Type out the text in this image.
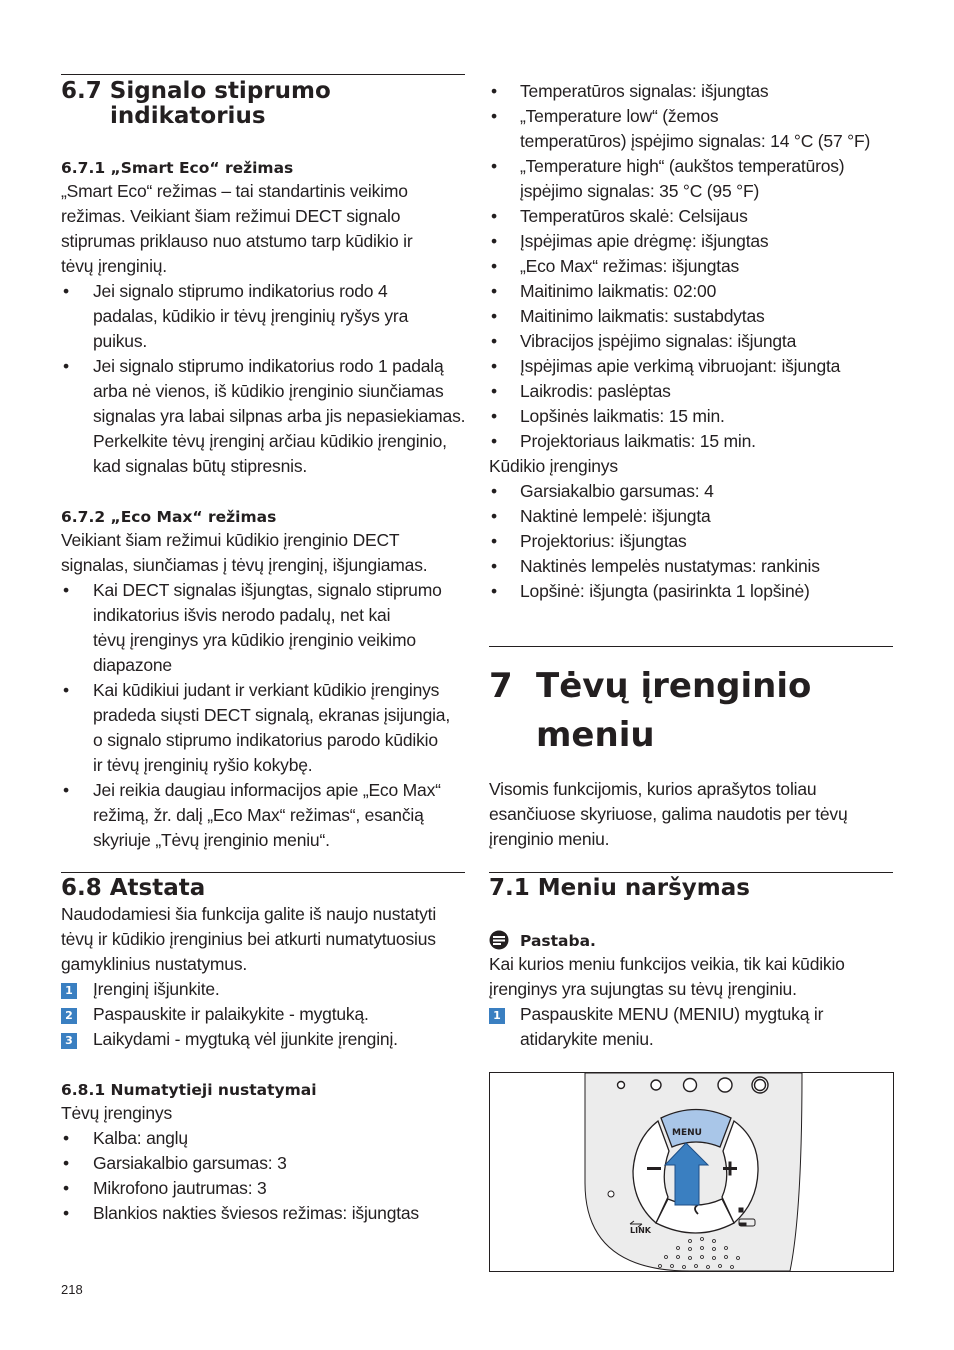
6.7 Signalo stiprumo
indikatorius
6.7.1 „Smart Eco“ režimas
6.7.2 „Eco Max“ režimas
6.8 Atstata
6.8.1 Numatytieji nustatymai
7 Tėvų įrenginio
meniu
7.1 Meniu naršymas
Pastaba.
„Smart Eco“ režimas – tai standartinis veikimo
režimas. Veikiant šiam režimui DECT signalo
stiprumas priklauso nuo atstumo tarp kūdikio ir
tėvų įrenginių.
• Jei signalo stiprumo indikatorius rodo 4
padalas, kūdikio ir tėvų įrenginių ryšys yra
puikus.
• Jei signalo stiprumo indikatorius rodo 1 padalą
arba nė vienos, iš kūdikio įrenginio siunčiamas
signalas yra labai silpnas arba jis nepasiekiamas.
Perkelkite tėvų įrenginį arčiau kūdikio įrenginio,
kad signalas būtų stipresnis.
Veikiant šiam režimui kūdikio įrenginio DECT
signalas, siunčiamas į tėvų įrenginį, išjungiamas.
• Kai DECT signalas išjungtas, signalo stiprumo
indikatorius išvis nerodo padalų, net kai
tėvų įrenginys yra kūdikio įrenginio veikimo
diapazone
• Kai kūdikiui judant ir verkiant kūdikio įrenginys
pradeda siųsti DECT signalą, ekranas įsijungia,
o signalo stiprumo indikatorius parodo kūdikio
ir tėvų įrenginių ryšio kokybę.
• Jei reikia daugiau informacijos apie „Eco Max“
režimą, žr. dalį „Eco Max“ režimas“, esančią
skyriuje „Tėvų įrenginio meniu“.
Naudodamiesi šia funkcija galite iš naujo nustatyti
tėvų ir kūdikio įrenginius bei atkurti numatytuosius
gamyklinius nustatymus.
1 Įrenginį išjunkite.
2 Paspauskite ir palaikykite - mygtuką.
3 Laikydami - mygtuką vėl įjunkite įrenginį.
Tėvų įrenginys
• Kalba: anglų
• Garsiakalbio garsumas: 3
• Mikrofono jautrumas: 3
• Blankios nakties šviesos režimas: išjungtas
• Temperatūros signalas: išjungtas
• „Temperature low“ (žemos
temperatūros) įspėjimo signalas: 14 °C (57 °F)
• „Temperature high“ (aukštos temperatūros)
įspėjimo signalas: 35 °C (95 °F)
• Temperatūros skalė: Celsijaus
• Įspėjimas apie drėgmę: išjungtas
• „Eco Max“ režimas: išjungtas
• Maitinimo laikmatis: 02:00
• Maitinimo laikmatis: sustabdytas
• Vibracijos įspėjimo signalas: išjungta
• Įspėjimas apie verkimą vibruojant: išjungta
• Laikrodis: paslėptas
• Lopšinės laikmatis: 15 min.
• Projektoriaus laikmatis: 15 min.
Kūdikio įrenginys
• Garsiakalbio garsumas: 4
• Naktinė lempelė: išjungta
• Projektorius: išjungtas
• Naktinės lempelės nustatymas: rankinis
• Lopšinė: išjungta (pasirinkta 1 lopšinė)
Visomis funkcijomis, kurios aprašytos toliau
esančiuose skyriuose, galima naudotis per tėvų
įrenginio meniu.
Kai kurios meniu funkcijos veikia, tik kai kūdikio
įrenginys yra sujungtas su tėvų įrenginiu.
1 Paspauskite MENU (MENIU) mygtuką ir
atidarykite meniu.
MENU
LINK
218
